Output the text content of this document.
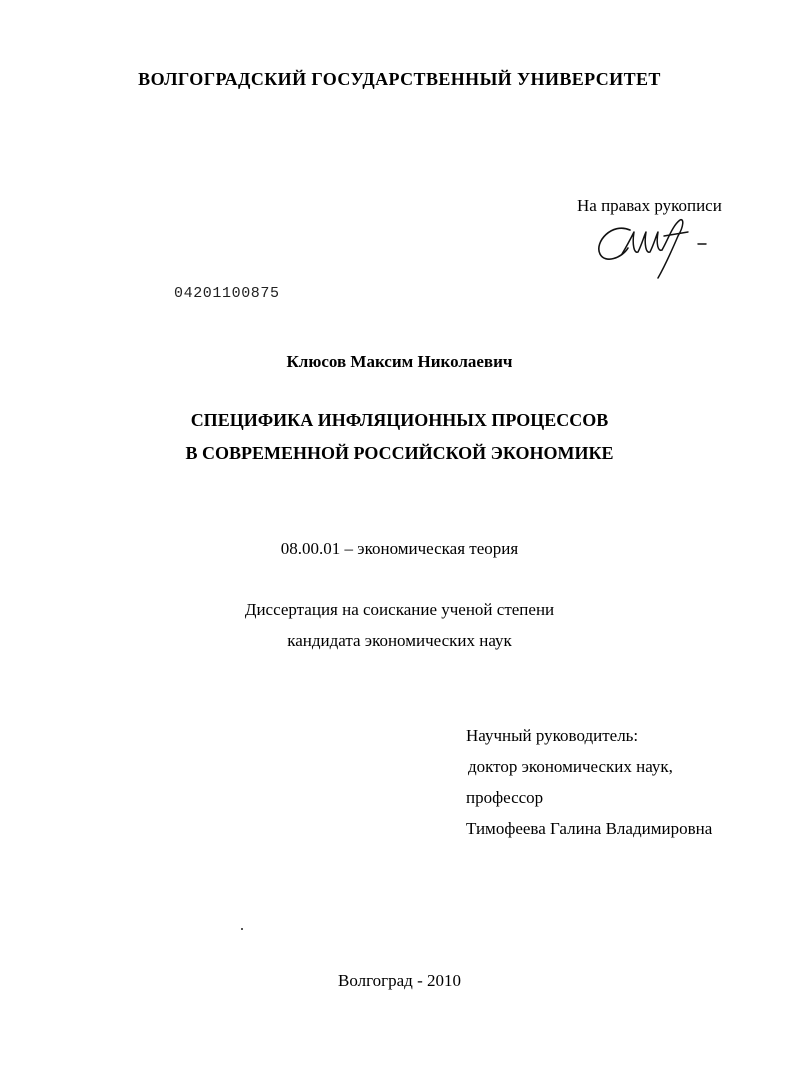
ВОЛГОГРАДСКИЙ ГОСУДАРСТВЕННЫЙ УНИВЕРСИТЕТ

На правах рукописи

04201100875

Клюсов Максим Николаевич

СПЕЦИФИКА ИНФЛЯЦИОННЫХ ПРОЦЕССОВ

В СОВРЕМЕННОЙ РОССИЙСКОЙ ЭКОНОМИКЕ

08.00.01 – экономическая теория

Диссертация на соискание ученой степени

кандидата экономических наук

Научный руководитель:

доктор экономических наук,

профессор

Тимофеева Галина Владимировна

Волгоград - 2010
